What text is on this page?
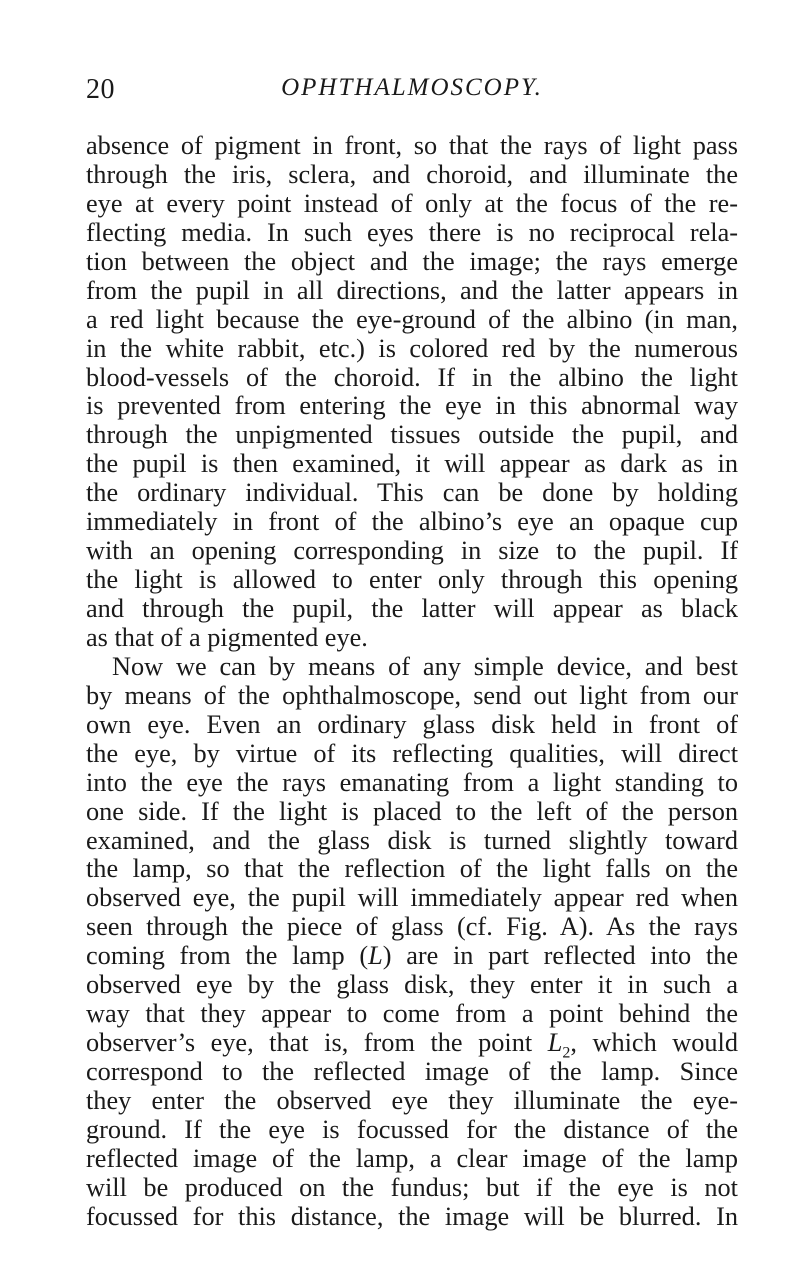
20	OPHTHALMOSCOPY.
absence of pigment in front, so that the rays of light pass
through the iris, sclera, and choroid, and illuminate the
eye at every point instead of only at the focus of the re-
flecting media. In such eyes there is no reciprocal rela-
tion between the object and the image; the rays emerge
from the pupil in all directions, and the latter appears in
a red light because the eye-ground of the albino (in man,
in the white rabbit, etc.) is colored red by the numerous
blood-vessels of the choroid. If in the albino the light
is prevented from entering the eye in this abnormal way
through the unpigmented tissues outside the pupil, and
the pupil is then examined, it will appear as dark as in
the ordinary individual. This can be done by holding
immediately in front of the albino’s eye an opaque cup
with an opening corresponding in size to the pupil. If
the light is allowed to enter only through this opening
and through the pupil, the latter will appear as black
as that of a pigmented eye.
Now we can by means of any simple device, and best
by means of the ophthalmoscope, send out light from our
own eye. Even an ordinary glass disk held in front of
the eye, by virtue of its reflecting qualities, will direct
into the eye the rays emanating from a light standing to
one side. If the light is placed to the left of the person
examined, and the glass disk is turned slightly toward
the lamp, so that the reflection of the light falls on the
observed eye, the pupil will immediately appear red when
seen through the piece of glass (cf. Fig. A). As the rays
coming from the lamp (L) are in part reflected into the
observed eye by the glass disk, they enter it in such a
way that they appear to come from a point behind the
observer’s eye, that is, from the point $L_2$, which would
correspond to the reflected image of the lamp. Since
they enter the observed eye they illuminate the eye-
ground. If the eye is focussed for the distance of the
reflected image of the lamp, a clear image of the lamp
will be produced on the fundus; but if the eye is not
focussed for this distance, the image will be blurred. In
